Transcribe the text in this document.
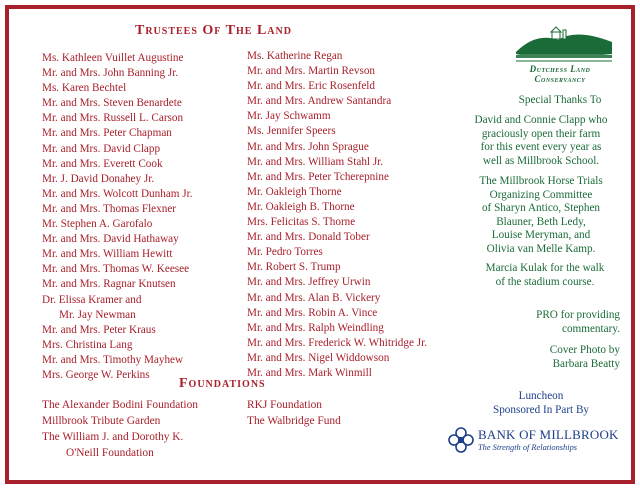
Trustees Of The Land
Ms. Kathleen Vuillet Augustine
Mr. and Mrs. John Banning Jr.
Ms. Karen Bechtel
Mr. and Mrs. Steven Benardete
Mr. and Mrs. Russell L. Carson
Mr. and Mrs. Peter Chapman
Mr. and Mrs. David Clapp
Mr. and Mrs. Everett Cook
Mr. J. David Donahey Jr.
Mr. and Mrs. Wolcott Dunham Jr.
Mr. and Mrs. Thomas Flexner
Mr. Stephen A. Garofalo
Mr. and Mrs. David Hathaway
Mr. and Mrs. William Hewitt
Mr. and Mrs. Thomas W. Keesee
Mr. and Mrs. Ragnar Knutsen
Dr. Elissa Kramer and
Mr. Jay Newman
Mr. and Mrs. Peter Kraus
Mrs. Christina Lang
Mr. and Mrs. Timothy Mayhew
Mrs. George W. Perkins
Ms. Katherine Regan
Mr. and Mrs. Martin Revson
Mr. and Mrs. Eric Rosenfeld
Mr. and Mrs. Andrew Santandra
Mr. Jay Schwamm
Ms. Jennifer Speers
Mr. and Mrs. John Sprague
Mr. and Mrs. William Stahl Jr.
Mr. and Mrs. Peter Tcherepnine
Mr. Oakleigh Thorne
Mr. Oakleigh B. Thorne
Mrs. Felicitas S. Thorne
Mr. and Mrs. Donald Tober
Mr. Pedro Torres
Mr. Robert S. Trump
Mr. and Mrs. Jeffrey Urwin
Mr. and Mrs. Alan B. Vickery
Mr. and Mrs. Robin A. Vince
Mr. and Mrs. Ralph Weindling
Mr. and Mrs. Frederick W. Whitridge Jr.
Mr. and Mrs. Nigel Widdowson
Mr. and Mrs. Mark Winmill
Foundations
The Alexander Bodini Foundation
Millbrook Tribute Garden
The William J. and Dorothy K.
O'Neill Foundation
RKJ Foundation
The Walbridge Fund
Dutchess Land
Conservancy
Special Thanks To
David and Connie Clapp who
graciously open their farm
for this event every year as
well as Millbrook School.
The Millbrook Horse Trials
Organizing Committee
of Sharyn Antico, Stephen
Blauner, Beth Ledy,
Louise Meryman, and
Olivia van Melle Kamp.
Marcia Kulak for the walk
of the stadium course.
PRO for providing
commentary.
Cover Photo by
Barbara Beatty
Luncheon
Sponsored In Part By
BANK OF MILLBROOK
The Strength of Relationships
